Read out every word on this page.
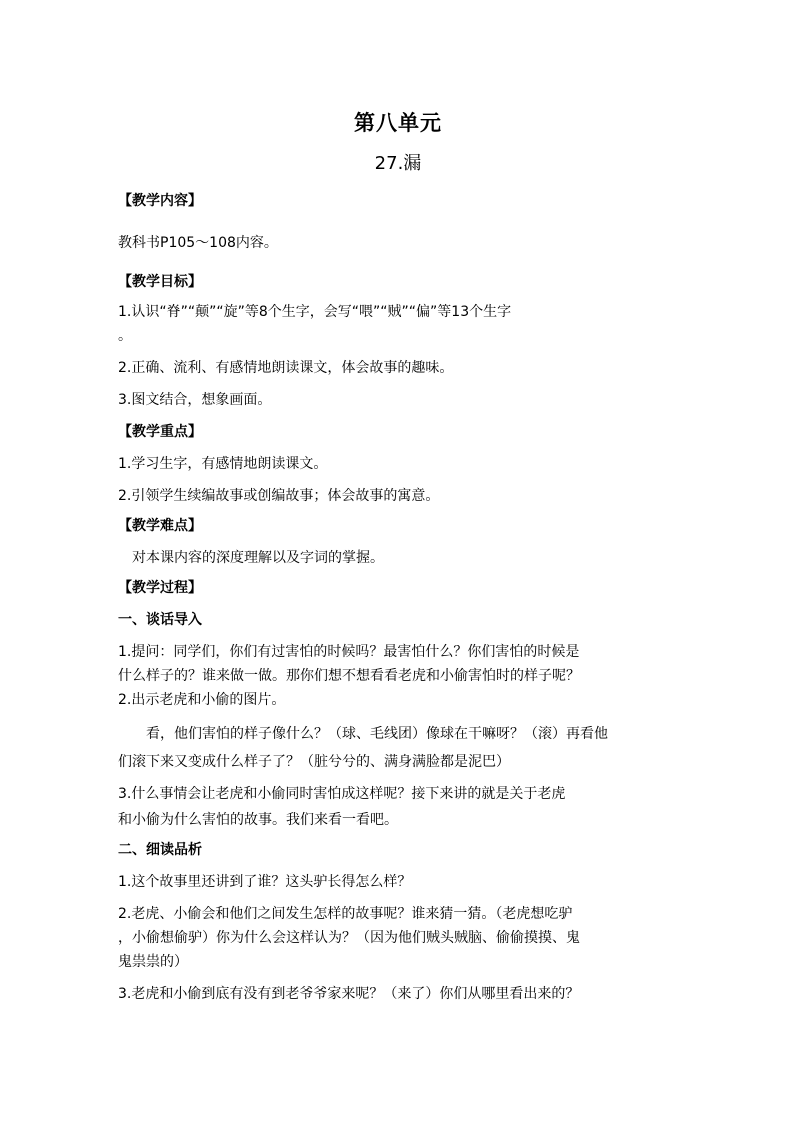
第八单元
27.漏
【教学内容】
教科书P105～108内容。
【教学目标】
1.认识“脊”“颠”“旋”等8个生字，会写“喂”“贼”“偏”等13个生字
。
2.正确、流利、有感情地朗读课文，体会故事的趣味。
3.图文结合，想象画面。
【教学重点】
1.学习生字，有感情地朗读课文。
2.引领学生续编故事或创编故事；体会故事的寓意。
【教学难点】
对本课内容的深度理解以及字词的掌握。
【教学过程】
一、谈话导入
1.提问：同学们，你们有过害怕的时候吗？最害怕什么？你们害怕的时候是
什么样子的？谁来做一做。那你们想不想看看老虎和小偷害怕时的样子呢？
2.出示老虎和小偷的图片。
看，他们害怕的样子像什么？（球、毛线团）像球在干嘛呀？（滚）再看他
们滚下来又变成什么样子了？（脏兮兮的、满身满脸都是泥巴）
3.什么事情会让老虎和小偷同时害怕成这样呢？接下来讲的就是关于老虎
和小偷为什么害怕的故事。我们来看一看吧。
二、细读品析
1.这个故事里还讲到了谁？这头驴长得怎么样？
2.老虎、小偷会和他们之间发生怎样的故事呢？谁来猜一猜。（老虎想吃驴
，小偷想偷驴）你为什么会这样认为？（因为他们贼头贼脑、偷偷摸摸、鬼
鬼祟祟的）
3.老虎和小偷到底有没有到老爷爷家来呢？（来了）你们从哪里看出来的？
